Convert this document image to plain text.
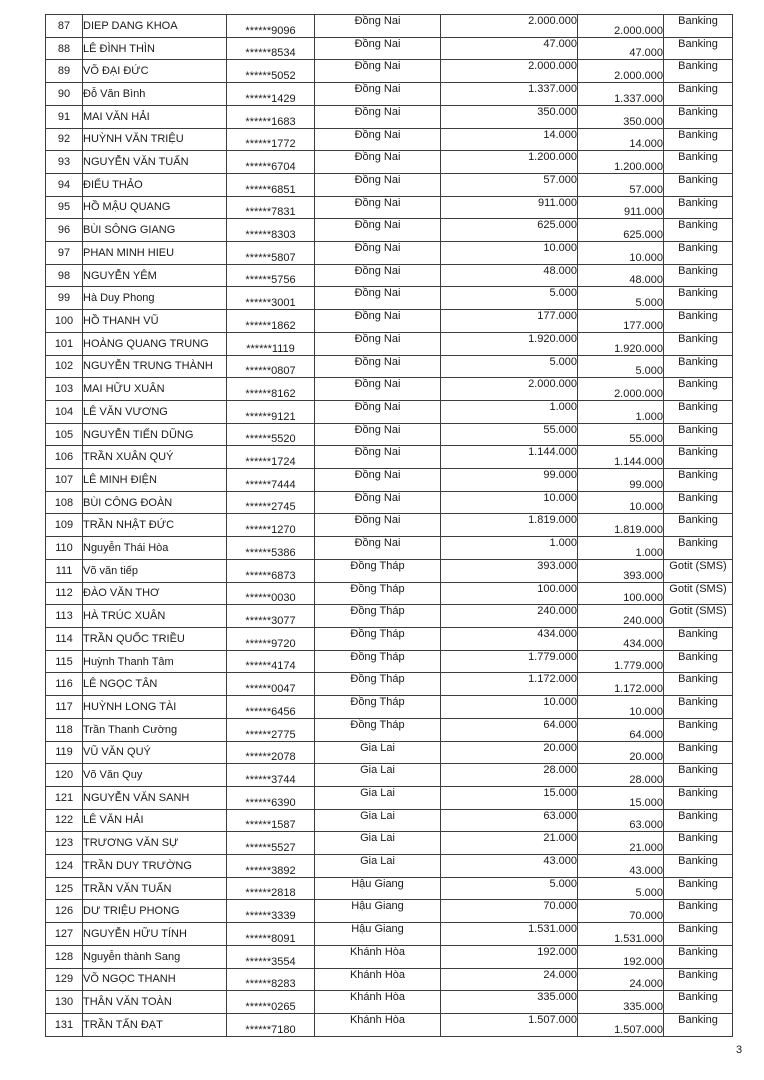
87	DIEP DANG KHOA	******9096	Đồng Nai	2.000.000	2.000.000	Banking
88	LÊ ĐÌNH THÌN	******8534	Đồng Nai	47.000	47.000	Banking
89	VÕ ĐẠI ĐỨC	******5052	Đồng Nai	2.000.000	2.000.000	Banking
90	Đỗ Văn Bình	******1429	Đồng Nai	1.337.000	1.337.000	Banking
91	MAI VĂN HẢI	******1683	Đồng Nai	350.000	350.000	Banking
92	HUỲNH VĂN TRIỆU	******1772	Đồng Nai	14.000	14.000	Banking
93	NGUYỄN VĂN TUẤN	******6704	Đồng Nai	1.200.000	1.200.000	Banking
94	ĐIỂU THẢO	******6851	Đồng Nai	57.000	57.000	Banking
95	HỒ MẬU QUANG	******7831	Đồng Nai	911.000	911.000	Banking
96	BÙI SÔNG GIANG	******8303	Đồng Nai	625.000	625.000	Banking
97	PHAN MINH HIEU	******5807	Đồng Nai	10.000	10.000	Banking
98	NGUYỄN YÊM	******5756	Đồng Nai	48.000	48.000	Banking
99	Hà Duy Phong	******3001	Đồng Nai	5.000	5.000	Banking
100	HỒ THANH VŨ	******1862	Đồng Nai	177.000	177.000	Banking
101	HOÀNG QUANG TRUNG	******1119	Đồng Nai	1.920.000	1.920.000	Banking
102	NGUYỄN TRUNG THÀNH	******0807	Đồng Nai	5.000	5.000	Banking
103	MAI HỮU XUÂN	******8162	Đồng Nai	2.000.000	2.000.000	Banking
104	LÊ VĂN VƯƠNG	******9121	Đồng Nai	1.000	1.000	Banking
105	NGUYỄN TIẾN DŨNG	******5520	Đồng Nai	55.000	55.000	Banking
106	TRẦN XUÂN QUÝ	******1724	Đồng Nai	1.144.000	1.144.000	Banking
107	LÊ MINH ĐIỆN	******7444	Đồng Nai	99.000	99.000	Banking
108	BÙI CÔNG ĐOÀN	******2745	Đồng Nai	10.000	10.000	Banking
109	TRẦN NHẬT ĐỨC	******1270	Đồng Nai	1.819.000	1.819.000	Banking
110	Nguyễn Thái Hòa	******5386	Đồng Nai	1.000	1.000	Banking
111	Võ văn tiếp	******6873	Đồng Tháp	393.000	393.000	Gotit (SMS)
112	ĐÀO VĂN THƠ	******0030	Đồng Tháp	100.000	100.000	Gotit (SMS)
113	HÀ TRÚC XUÂN	******3077	Đồng Tháp	240.000	240.000	Gotit (SMS)
114	TRẦN QUỐC TRIỀU	******9720	Đồng Tháp	434.000	434.000	Banking
115	Huỳnh Thanh Tâm	******4174	Đồng Tháp	1.779.000	1.779.000	Banking
116	LÊ NGỌC TÂN	******0047	Đồng Tháp	1.172.000	1.172.000	Banking
117	HUỲNH LONG TÀI	******6456	Đồng Tháp	10.000	10.000	Banking
118	Trần Thanh Cường	******2775	Đồng Tháp	64.000	64.000	Banking
119	VŨ VĂN QUÝ	******2078	Gia Lai	20.000	20.000	Banking
120	Võ Văn Quy	******3744	Gia Lai	28.000	28.000	Banking
121	NGUYỄN VĂN SANH	******6390	Gia Lai	15.000	15.000	Banking
122	LÊ VĂN HẢI	******1587	Gia Lai	63.000	63.000	Banking
123	TRƯƠNG VĂN SỰ	******5527	Gia Lai	21.000	21.000	Banking
124	TRẦN DUY TRƯỜNG	******3892	Gia Lai	43.000	43.000	Banking
125	TRẦN VĂN TUẤN	******2818	Hậu Giang	5.000	5.000	Banking
126	DƯ TRIỆU PHONG	******3339	Hậu Giang	70.000	70.000	Banking
127	NGUYỄN HỮU TÍNH	******8091	Hậu Giang	1.531.000	1.531.000	Banking
128	Nguyễn thành Sang	******3554	Khánh Hòa	192.000	192.000	Banking
129	VÕ NGỌC THANH	******8283	Khánh Hòa	24.000	24.000	Banking
130	THÂN VĂN TOÀN	******0265	Khánh Hòa	335.000	335.000	Banking
131	TRẦN TẤN ĐẠT	******7180	Khánh Hòa	1.507.000	1.507.000	Banking
3
